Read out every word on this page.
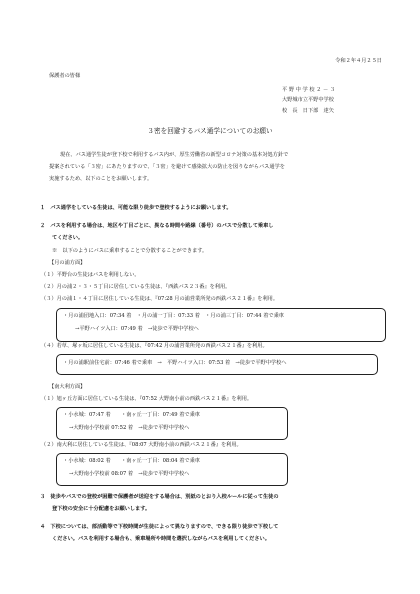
令和２年４月２５日
保護者の皆様
平 野 中 学 校 ２ － ３
大野城市立平野中学校
校　長　日下部　達矢
３密を回避するバス通学についてのお願い
現在、バス通学生徒が登下校で利用するバス内が、厚生労働省の新型コロナ対策の基本対処方針で
提案されている「３密」にあたりますので、「３密」を避けて感染拡大の防止を図りながらバス通学を
実施するため、以下のことをお願いします。
１　バス通学をしている生徒は、可能な限り徒歩で登校するようにお願いします。
２　バスを利用する場合は、地区や丁目ごとに、異なる時間や路線（番号）のバスで分散して乗車し
てください。
※　以下のようにバスに乗車することで分散することができます。
【月の浦方面】
（１）平野台の生徒はバスを利用しない。
（２）月の浦２・３・５丁目に居住している生徒は、『西鉄バス２３番』を利用。
（３）月の浦１・４丁目に居住している生徒は、『07:28 月の浦営業所発の西鉄バス２１番』を利用。
・月の浦団地入口：07:34 着　・月の浦一丁目：07:33 着　・月の浦三丁目：07:44 着で乗車
→平野ハイツ入口：07:49 着　→徒歩で平野中学校へ
（４）若草、塚ヶ坂に居住している生徒は、『07:42 月の浦営業所発の西鉄バス２１番』を利用。
・月の浦駅前住宅前：07:46 着で乗車　→　平野ハイツ入口：07:53 着　→徒歩で平野中学校へ
【南大利方面】
（１）旭ヶ丘方面に居住している生徒は、『07:52 大野南小前の西鉄バス２１番』を利用。
・小水城：07:47 着　　・南ヶ丘一丁目：07:49 着で乗車
→大野南小学校前 07:52 着　→徒歩で平野中学校へ
（２）南大利に居住している生徒は、『08:07 大野南小前の西鉄バス２１番』を利用。
・小水城：08:02 着　　・南ヶ丘一丁目：08:04 着で乗車
→大野南小学校前 08:07 着　→徒歩で平野中学校へ
３　徒歩やバスでの登校が困難で保護者が送迎をする場合は、別紙のとおり入校ルールに従って生徒の
登下校の安全に十分配慮をお願いします。
４　下校については、部活動等で下校時間が生徒によって異なりますので、できる限り徒歩で下校して
ください。バスを利用する場合も、乗車場所や時間を選択しながらバスを利用してください。
